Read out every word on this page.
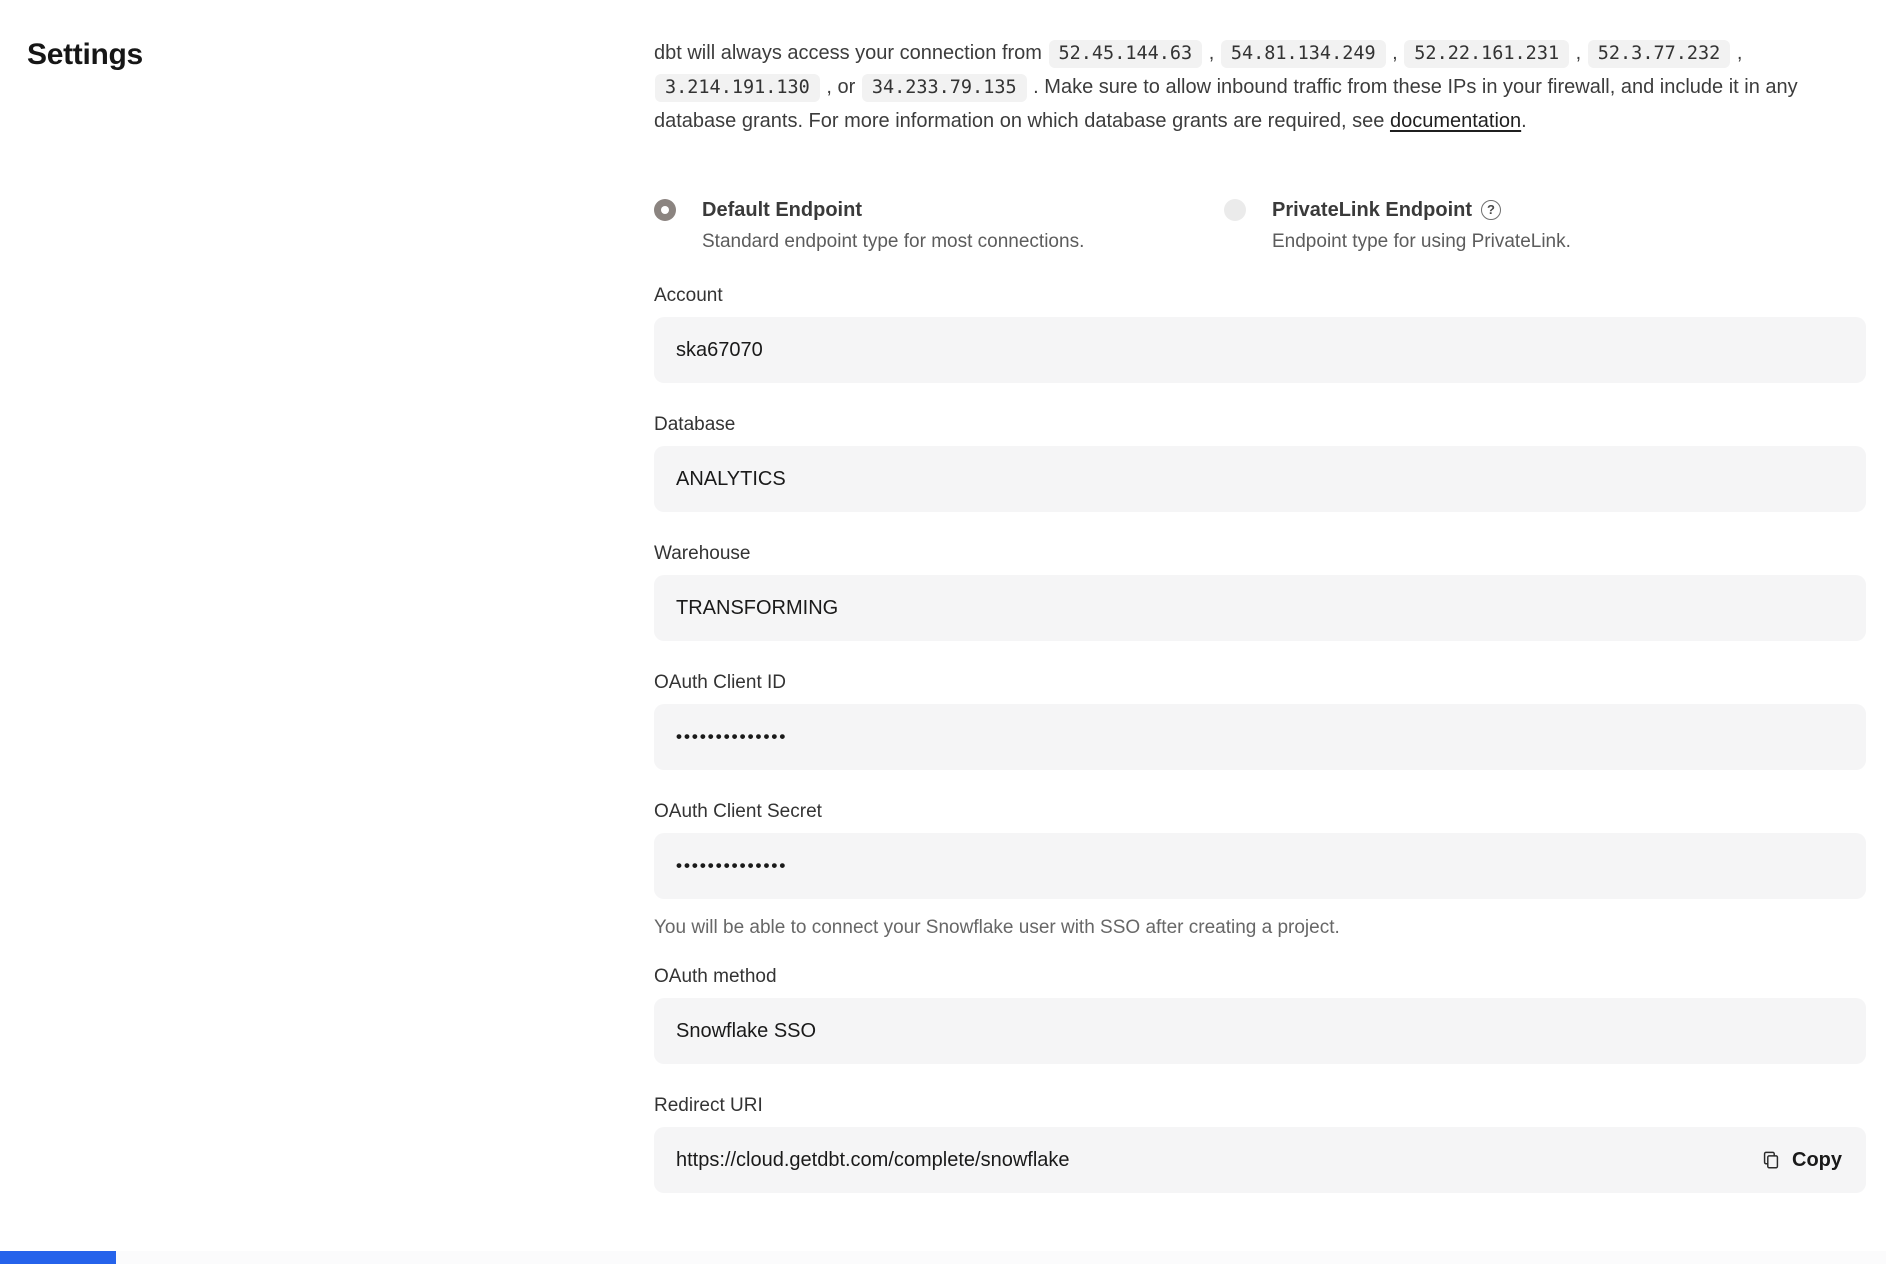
Settings	dbt will always access your connection from 52.45.144.63 , 54.81.134.249 , 52.22.161.231 , 52.3.77.232 , 3.214.191.130 , or 34.233.79.135 . Make sure to allow inbound traffic from these IPs in your firewall, and include it in any database grants. For more information on which database grants are required, see documentation.

Default Endpoint
Standard endpoint type for most connections.
PrivateLink Endpoint ?
Endpoint type for using PrivateLink.
Account
ska67070
Database
ANALYTICS
Warehouse
TRANSFORMING
OAuth Client ID
••••••••••••••
OAuth Client Secret
••••••••••••••
You will be able to connect your Snowflake user with SSO after creating a project.
OAuth method
Snowflake SSO
Redirect URI
https://cloud.getdbt.com/complete/snowflake	Copy
